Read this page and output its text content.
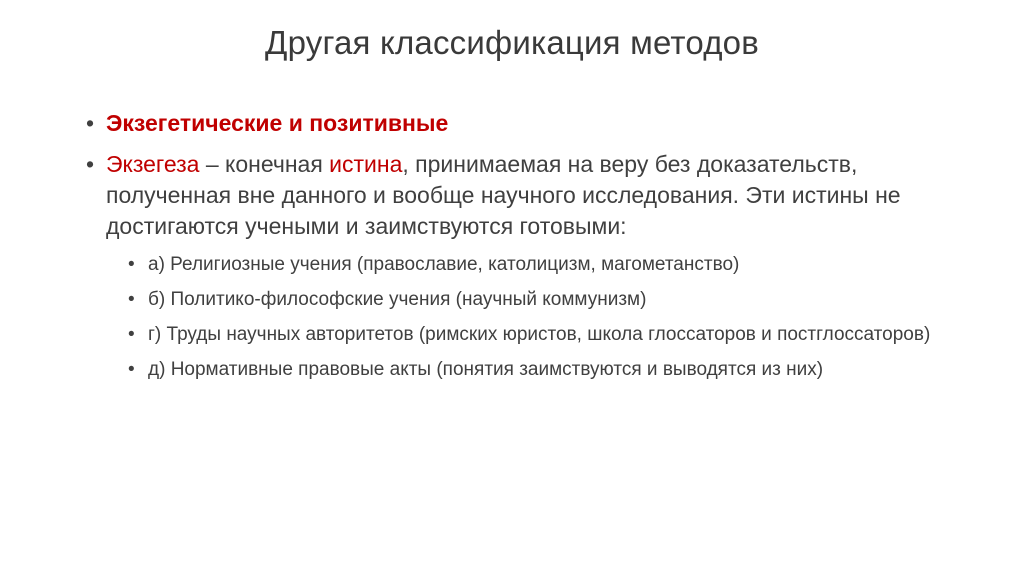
Другая классификация методов
• Экзегетические и позитивные
• Экзегеза – конечная истина, принимаемая на веру без доказательств, полученная вне данного и вообще научного исследования. Эти истины не достигаются учеными и заимствуются готовыми:
• а) Религиозные учения (православие, католицизм, магометанство)
• б) Политико-философские учения (научный коммунизм)
• г) Труды научных авторитетов (римских юристов, школа глоссаторов и постглоссаторов)
• д) Нормативные правовые акты (понятия заимствуются и выводятся из них)
